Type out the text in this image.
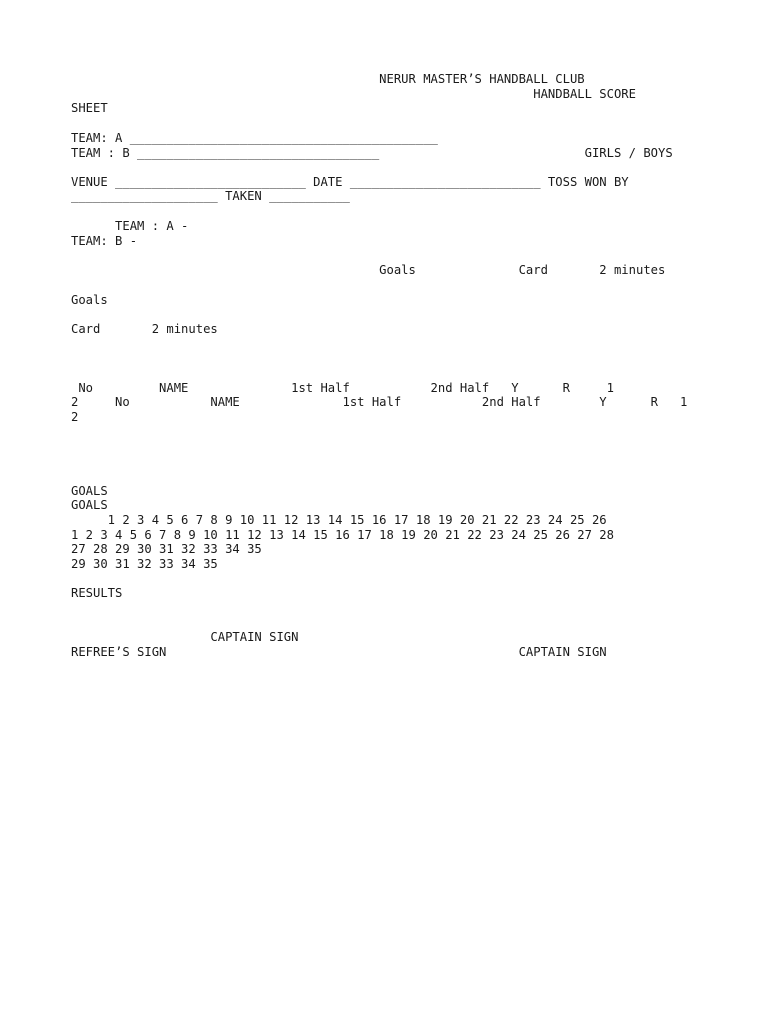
NERUR MASTER’S HANDBALL CLUB
HANDBALL SCORE
SHEET
TEAM: A __________________________________________
TEAM : B _________________________________                            GIRLS / BOYS
VENUE __________________________ DATE __________________________ TOSS WON BY
____________________ TAKEN ___________
TEAM : A -
TEAM: B -
Goals              Card       2 minutes
Goals
Card       2 minutes
No         NAME              1st Half           2nd Half   Y      R     1
2     No           NAME              1st Half           2nd Half        Y      R   1
2
GOALS
GOALS
1 2 3 4 5 6 7 8 9 10 11 12 13 14 15 16 17 18 19 20 21 22 23 24 25 26
1 2 3 4 5 6 7 8 9 10 11 12 13 14 15 16 17 18 19 20 21 22 23 24 25 26 27 28
27 28 29 30 31 32 33 34 35
29 30 31 32 33 34 35
RESULTS
CAPTAIN SIGN
REFREE’S SIGN                                                CAPTAIN SIGN
